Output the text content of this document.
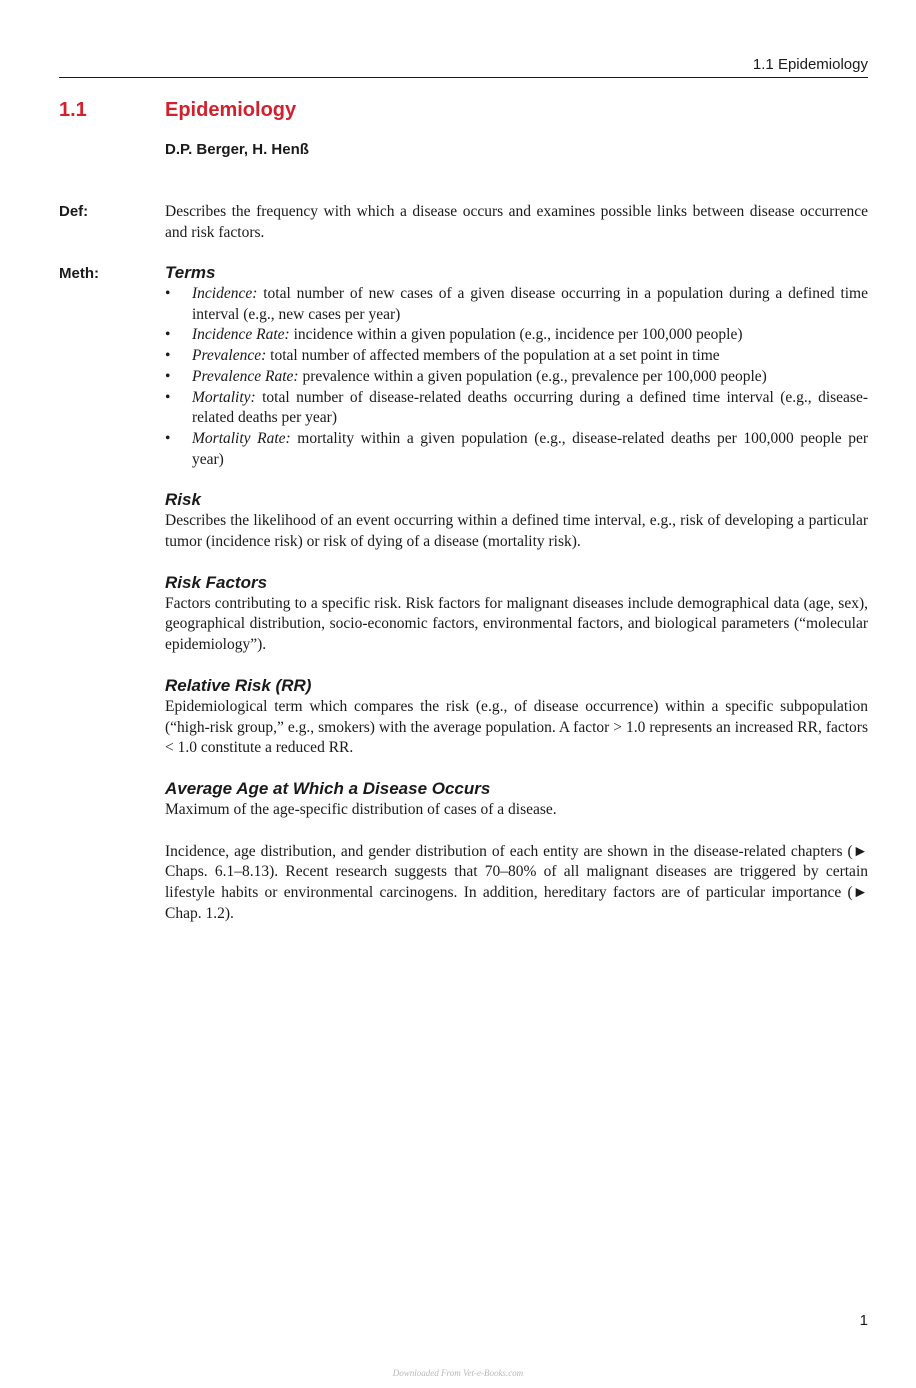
1.1 Epidemiology
1.1	Epidemiology
D.P. Berger, H. Henß
Def:	Describes the frequency with which a disease occurs and examines possible links between disease occurrence and risk factors.

Meth:	Terms
• Incidence: total number of new cases of a given disease occurring in a population during a defined time interval (e.g., new cases per year)
• Incidence Rate: incidence within a given population (e.g., incidence per 100,000 people)
• Prevalence: total number of affected members of the population at a set point in time
• Prevalence Rate: prevalence within a given population (e.g., prevalence per 100,000 people)
• Mortality: total number of disease-related deaths occurring during a defined time interval (e.g., disease-related deaths per year)
• Mortality Rate: mortality within a given population (e.g., disease-related deaths per 100,000 people per year)
Risk

Describes the likelihood of an event occurring within a defined time interval, e.g., risk of developing a particular tumor (incidence risk) or risk of dying of a disease (mortality risk).

Risk Factors

Factors contributing to a specific risk. Risk factors for malignant diseases include demographical data (age, sex), geographical distribution, socio-economic factors, environmental factors, and biological parameters (“molecular epidemiology”).

Relative Risk (RR)

Epidemiological term which compares the risk (e.g., of disease occurrence) within a specific subpopulation (“high-risk group,” e.g., smokers) with the average population. A factor > 1.0 represents an increased RR, factors < 1.0 constitute a reduced RR.

Average Age at Which a Disease Occurs

Maximum of the age-specific distribution of cases of a disease.

Incidence, age distribution, and gender distribution of each entity are shown in the disease-related chapters (► Chaps. 6.1–8.13). Recent research suggests that 70–80% of all malignant diseases are triggered by certain lifestyle habits or environmental carcinogens. In addition, hereditary factors are of particular importance (► Chap. 1.2).

1
Downloaded From Vet-e-Books.com
